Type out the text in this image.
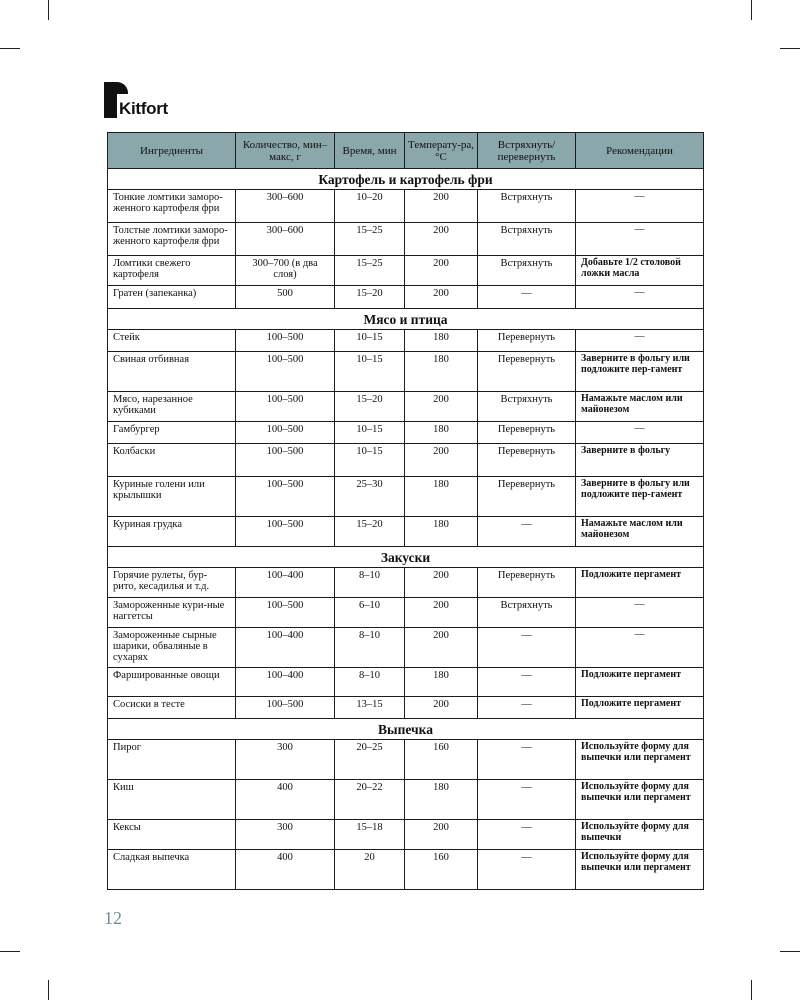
Kitfort
Ингредиенты	Количество, мин–макс, г	Время, мин	Температу-ра, °C	Встряхнуть/ перевернуть	Рекомендации
Картофель и картофель фри					
Тонкие ломтики заморо-женного картофеля фри	300–600	10–20	200	Встряхнуть	—
Толстые ломтики заморо-женного картофеля фри	300–600	15–25	200	Встряхнуть	—
Ломтики свежего картофеля	300–700 (в два слоя)	15–25	200	Встряхнуть	Добавьте 1/2 столовой ложки масла
Гратен (запеканка)	500	15–20	200	—	—
Мясо и птица					
Стейк	100–500	10–15	180	Перевернуть	—
Свиная отбивная	100–500	10–15	180	Перевернуть	Заверните в фольгу или подложите пер-гамент
Мясо, нарезанное кубиками	100–500	15–20	200	Встряхнуть	Намажьте маслом или майонезом
Гамбургер	100–500	10–15	180	Перевернуть	—
Колбаски	100–500	10–15	200	Перевернуть	Заверните в фольгу
Куриные голени или крылышки	100–500	25–30	180	Перевернуть	Заверните в фольгу или подложите пер-гамент
Куриная грудка	100–500	15–20	180	—	Намажьте маслом или майонезом
Закуски					
Горячие рулеты, бур-рито, кесадилья и т.д.	100–400	8–10	200	Перевернуть	Подложите пергамент
Замороженные кури-ные наггетсы	100–500	6–10	200	Встряхнуть	—
Замороженные сырные шарики, обваляные в сухарях	100–400	8–10	200	—	—
Фаршированные овощи	100–400	8–10	180	—	Подложите пергамент
Сосиски в тесте	100–500	13–15	200	—	Подложите пергамент
Выпечка					
Пирог	300	20–25	160	—	Используйте форму для выпечки или пергамент
Киш	400	20–22	180	—	Используйте форму для выпечки или пергамент
Кексы	300	15–18	200	—	Используйте форму для выпечки
Сладкая выпечка	400	20	160	—	Используйте форму для выпечки или пергамент
12
